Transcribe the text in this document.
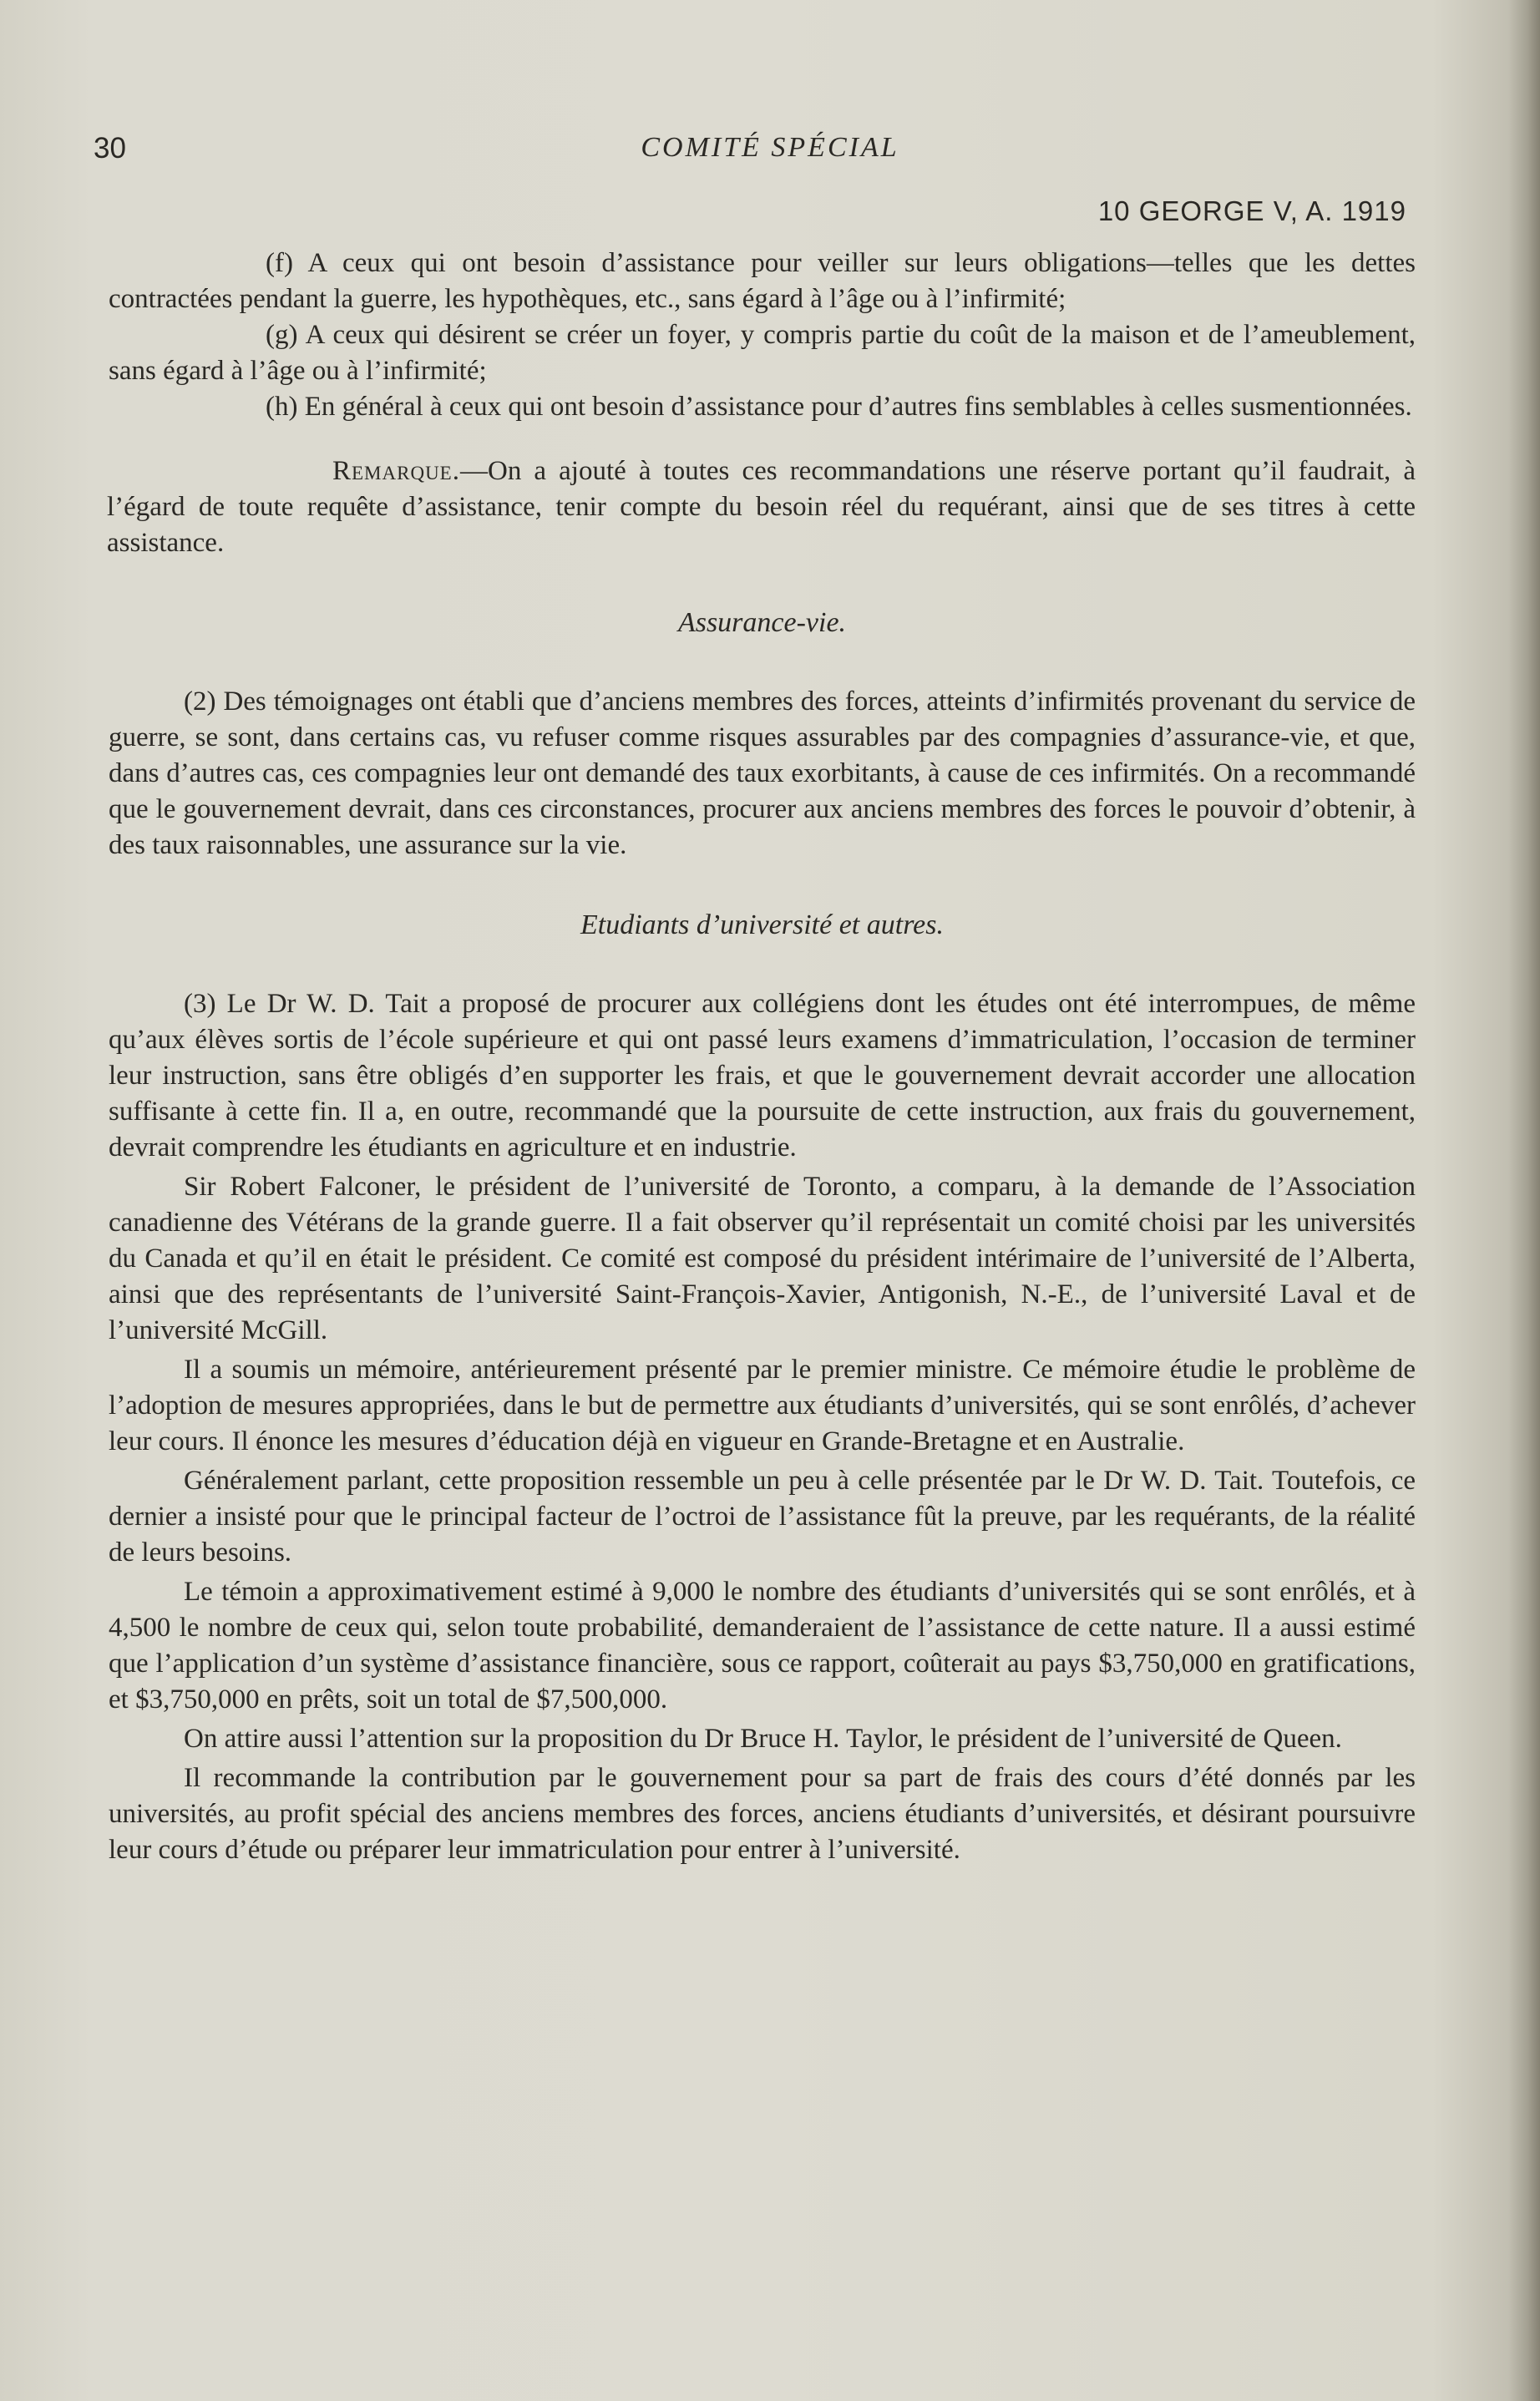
30	COMITÉ SPÉCIAL
10 GEORGE V, A. 1919

(f) A ceux qui ont besoin d’assistance pour veiller sur leurs obligations—telles que les dettes contractées pendant la guerre, les hypothèques, etc., sans égard à l’âge ou à l’infirmité;

(g) A ceux qui désirent se créer un foyer, y compris partie du coût de la maison et de l’ameublement, sans égard à l’âge ou à l’infirmité;

(h) En général à ceux qui ont besoin d’assistance pour d’autres fins semblables à celles susmentionnées.

Remarque.—On a ajouté à toutes ces recommandations une réserve portant qu’il faudrait, à l’égard de toute requête d’assistance, tenir compte du besoin réel du requérant, ainsi que de ses titres à cette assistance.

Assurance-vie.

(2) Des témoignages ont établi que d’anciens membres des forces, atteints d’infirmités provenant du service de guerre, se sont, dans certains cas, vu refuser comme risques assurables par des compagnies d’assurance-vie, et que, dans d’autres cas, ces compagnies leur ont demandé des taux exorbitants, à cause de ces infirmités. On a recommandé que le gouvernement devrait, dans ces circonstances, procurer aux anciens membres des forces le pouvoir d’obtenir, à des taux raisonnables, une assurance sur la vie.

Etudiants d’université et autres.

(3) Le Dr W. D. Tait a proposé de procurer aux collégiens dont les études ont été interrompues, de même qu’aux élèves sortis de l’école supérieure et qui ont passé leurs examens d’immatriculation, l’occasion de terminer leur instruction, sans être obligés d’en supporter les frais, et que le gouvernement devrait accorder une allocation suffisante à cette fin. Il a, en outre, recommandé que la poursuite de cette instruction, aux frais du gouvernement, devrait comprendre les étudiants en agriculture et en industrie.

Sir Robert Falconer, le président de l’université de Toronto, a comparu, à la demande de l’Association canadienne des Vétérans de la grande guerre. Il a fait observer qu’il représentait un comité choisi par les universités du Canada et qu’il en était le président. Ce comité est composé du président intérimaire de l’université de l’Alberta, ainsi que des représentants de l’université Saint-François-Xavier, Antigonish, N.-E., de l’université Laval et de l’université McGill.

Il a soumis un mémoire, antérieurement présenté par le premier ministre. Ce mémoire étudie le problème de l’adoption de mesures appropriées, dans le but de permettre aux étudiants d’universités, qui se sont enrôlés, d’achever leur cours. Il énonce les mesures d’éducation déjà en vigueur en Grande-Bretagne et en Australie.

Généralement parlant, cette proposition ressemble un peu à celle présentée par le Dr W. D. Tait. Toutefois, ce dernier a insisté pour que le principal facteur de l’octroi de l’assistance fût la preuve, par les requérants, de la réalité de leurs besoins.

Le témoin a approximativement estimé à 9,000 le nombre des étudiants d’universités qui se sont enrôlés, et à 4,500 le nombre de ceux qui, selon toute probabilité, demanderaient de l’assistance de cette nature. Il a aussi estimé que l’application d’un système d’assistance financière, sous ce rapport, coûterait au pays $3,750,000 en gratifications, et $3,750,000 en prêts, soit un total de $7,500,000.

On attire aussi l’attention sur la proposition du Dr Bruce H. Taylor, le président de l’université de Queen.

Il recommande la contribution par le gouvernement pour sa part de frais des cours d’été donnés par les universités, au profit spécial des anciens membres des forces, anciens étudiants d’universités, et désirant poursuivre leur cours d’étude ou préparer leur immatriculation pour entrer à l’université.
